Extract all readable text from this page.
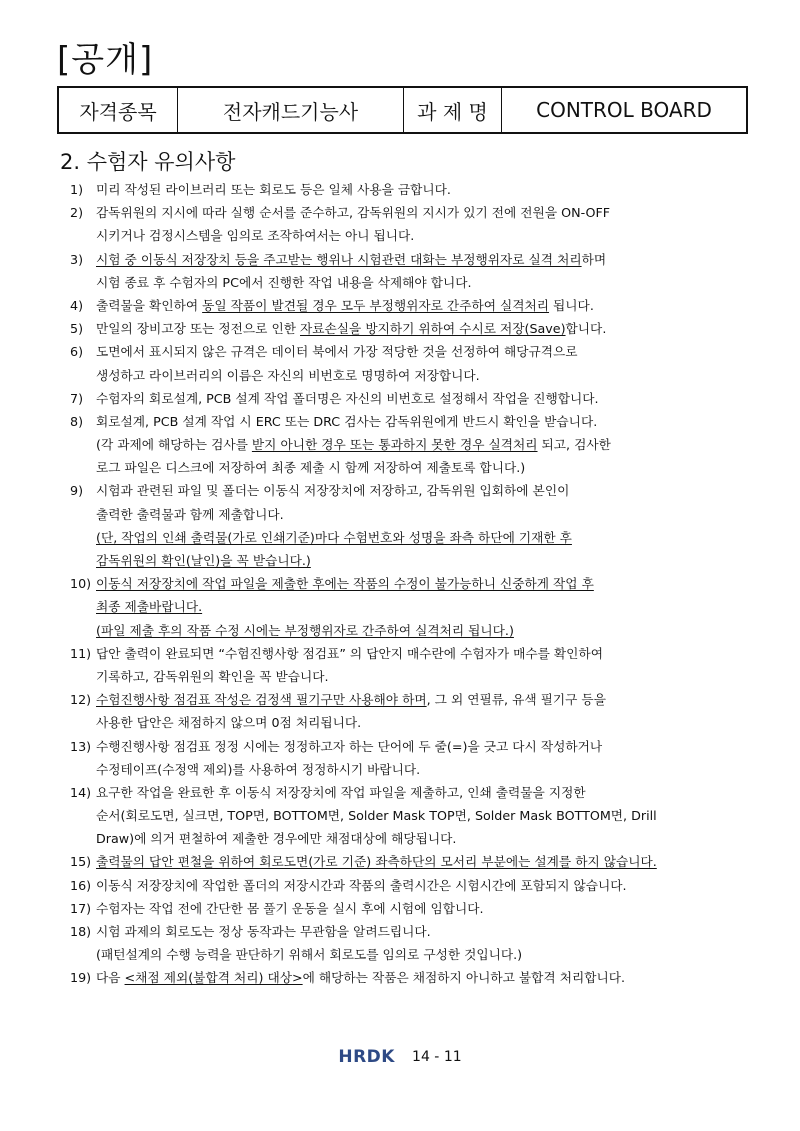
[공개]
자격종목	전자캐드기능사	과 제 명	CONTROL BOARD
2. 수험자 유의사항
1) 미리 작성된 라이브러리 또는 회로도 등은 일체 사용을 금합니다.
2) 감독위원의 지시에 따라 실행 순서를 준수하고, 감독위원의 지시가 있기 전에 전원을 ON-OFF
시키거나 검정시스템을 임의로 조작하여서는 아니 됩니다.
3) 시험 중 이동식 저장장치 등을 주고받는 행위나 시험관련 대화는 부정행위자로 실격 처리하며
시험 종료 후 수험자의 PC에서 진행한 작업 내용을 삭제해야 합니다.
4) 출력물을 확인하여 동일 작품이 발견될 경우 모두 부정행위자로 간주하여 실격처리 됩니다.
5) 만일의 장비고장 또는 정전으로 인한 자료손실을 방지하기 위하여 수시로 저장(Save)합니다.
6) 도면에서 표시되지 않은 규격은 데이터 북에서 가장 적당한 것을 선정하여 해당규격으로
생성하고 라이브러리의 이름은 자신의 비번호로 명명하여 저장합니다.
7) 수험자의 회로설계, PCB 설계 작업 폴더명은 자신의 비번호로 설정해서 작업을 진행합니다.
8) 회로설계, PCB 설계 작업 시 ERC 또는 DRC 검사는 감독위원에게 반드시 확인을 받습니다.
(각 과제에 해당하는 검사를 받지 아니한 경우 또는 통과하지 못한 경우 실격처리 되고, 검사한
로그 파일은 디스크에 저장하여 최종 제출 시 함께 저장하여 제출토록 합니다.)
9) 시험과 관련된 파일 및 폴더는 이동식 저장장치에 저장하고, 감독위원 입회하에 본인이
출력한 출력물과 함께 제출합니다.
(단, 작업의 인쇄 출력물(가로 인쇄기준)마다 수험번호와 성명을 좌측 하단에 기재한 후
감독위원의 확인(날인)을 꼭 받습니다.)
10) 이동식 저장장치에 작업 파일을 제출한 후에는 작품의 수정이 불가능하니 신중하게 작업 후
최종 제출바랍니다.
(파일 제출 후의 작품 수정 시에는 부정행위자로 간주하여 실격처리 됩니다.)
11) 답안 출력이 완료되면 “수험진행사항 점검표” 의 답안지 매수란에 수험자가 매수를 확인하여
기록하고, 감독위원의 확인을 꼭 받습니다.
12) 수험진행사항 점검표 작성은 검정색 필기구만 사용해야 하며, 그 외 연필류, 유색 필기구 등을
사용한 답안은 채점하지 않으며 0점 처리됩니다.
13) 수행진행사항 점검표 정정 시에는 정정하고자 하는 단어에 두 줄(=)을 긋고 다시 작성하거나
수정테이프(수정액 제외)를 사용하여 정정하시기 바랍니다.
14) 요구한 작업을 완료한 후 이동식 저장장치에 작업 파일을 제출하고, 인쇄 출력물을 지정한
순서(회로도면, 실크면, TOP면, BOTTOM면, Solder Mask TOP면, Solder Mask BOTTOM면, Drill
Draw)에 의거 편철하여 제출한 경우에만 채점대상에 해당됩니다.
15) 출력물의 답안 편철을 위하여 회로도면(가로 기준) 좌측하단의 모서리 부분에는 설계를 하지 않습니다.
16) 이동식 저장장치에 작업한 폴더의 저장시간과 작품의 출력시간은 시험시간에 포함되지 않습니다.
17) 수험자는 작업 전에 간단한 몸 풀기 운동을 실시 후에 시험에 임합니다.
18) 시험 과제의 회로도는 정상 동작과는 무관함을 알려드립니다.
(패턴설계의 수행 능력을 판단하기 위해서 회로도를 임의로 구성한 것입니다.)
19) 다음 <채점 제외(불합격 처리) 대상>에 해당하는 작품은 채점하지 아니하고 불합격 처리합니다.
HRDK 14 - 11
